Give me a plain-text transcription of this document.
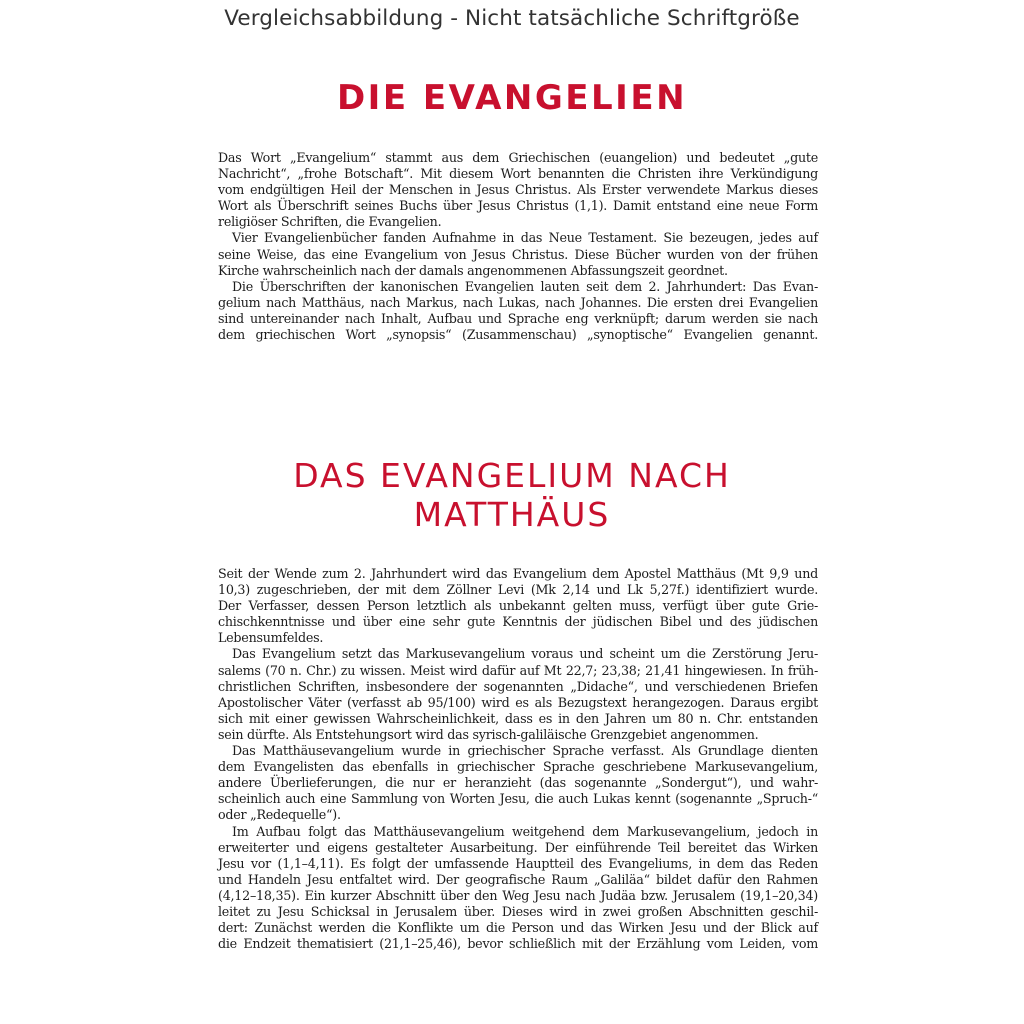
Vergleichsabbildung - Nicht tatsächliche Schriftgröße
DIE EVANGELIEN
Das Wort „Evangelium“ stammt aus dem Griechischen (euangelion) und bedeutet „gute
Nachricht“, „frohe Botschaft“. Mit diesem Wort benannten die Christen ihre Verkündigung
vom endgültigen Heil der Menschen in Jesus Christus. Als Erster verwendete Markus dieses
Wort als Überschrift seines Buchs über Jesus Christus (1,1). Damit entstand eine neue Form
religiöser Schriften, die Evangelien.
Vier Evangelienbücher fanden Aufnahme in das Neue Testament. Sie bezeugen, jedes auf
seine Weise, das eine Evangelium von Jesus Christus. Diese Bücher wurden von der frühen
Kirche wahrscheinlich nach der damals angenommenen Abfassungszeit geordnet.
Die Überschriften der kanonischen Evangelien lauten seit dem 2. Jahrhundert: Das Evan-
gelium nach Matthäus, nach Markus, nach Lukas, nach Johannes. Die ersten drei Evangelien
sind untereinander nach Inhalt, Aufbau und Sprache eng verknüpft; darum werden sie nach
dem griechischen Wort „synopsis“ (Zusammenschau) „synoptische“ Evangelien genannt.
DAS EVANGELIUM NACH
MATTHÄUS
Seit der Wende zum 2. Jahrhundert wird das Evangelium dem Apostel Matthäus (Mt 9,9 und
10,3) zugeschrieben, der mit dem Zöllner Levi (Mk 2,14 und Lk 5,27f.) identifiziert wurde.
Der Verfasser, dessen Person letztlich als unbekannt gelten muss, verfügt über gute Grie-
chischkenntnisse und über eine sehr gute Kenntnis der jüdischen Bibel und des jüdischen
Lebensumfeldes.
Das Evangelium setzt das Markusevangelium voraus und scheint um die Zerstörung Jeru-
salems (70 n. Chr.) zu wissen. Meist wird dafür auf Mt 22,7; 23,38; 21,41 hingewiesen. In früh-
christlichen Schriften, insbesondere der sogenannten „Didache“, und verschiedenen Briefen
Apostolischer Väter (verfasst ab 95/100) wird es als Bezugstext herangezogen. Daraus ergibt
sich mit einer gewissen Wahrscheinlichkeit, dass es in den Jahren um 80 n. Chr. entstanden
sein dürfte. Als Entstehungsort wird das syrisch-galiläische Grenzgebiet angenommen.
Das Matthäusevangelium wurde in griechischer Sprache verfasst. Als Grundlage dienten
dem Evangelisten das ebenfalls in griechischer Sprache geschriebene Markusevangelium,
andere Überlieferungen, die nur er heranzieht (das sogenannte „Sondergut“), und wahr-
scheinlich auch eine Sammlung von Worten Jesu, die auch Lukas kennt (sogenannte „Spruch-“
oder „Redequelle“).
Im Aufbau folgt das Matthäusevangelium weitgehend dem Markusevangelium, jedoch in
erweiterter und eigens gestalteter Ausarbeitung. Der einführende Teil bereitet das Wirken
Jesu vor (1,1–4,11). Es folgt der umfassende Hauptteil des Evangeliums, in dem das Reden
und Handeln Jesu entfaltet wird. Der geografische Raum „Galiläa“ bildet dafür den Rahmen
(4,12–18,35). Ein kurzer Abschnitt über den Weg Jesu nach Judäa bzw. Jerusalem (19,1–20,34)
leitet zu Jesu Schicksal in Jerusalem über. Dieses wird in zwei großen Abschnitten geschil-
dert: Zunächst werden die Konflikte um die Person und das Wirken Jesu und der Blick auf
die Endzeit thematisiert (21,1–25,46), bevor schließlich mit der Erzählung vom Leiden, vom
